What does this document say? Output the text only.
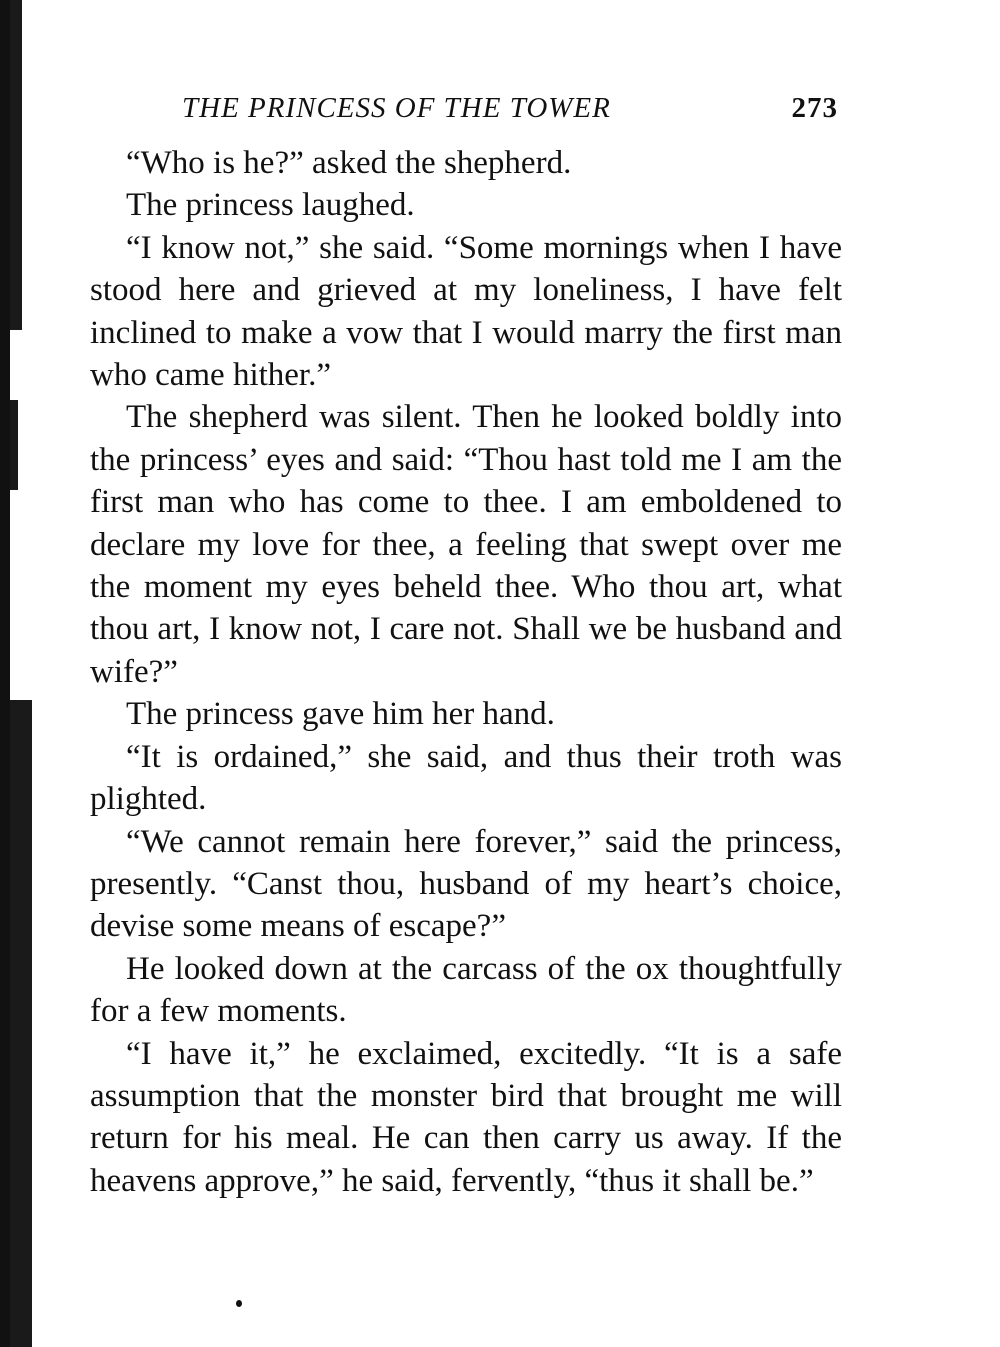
THE PRINCESS OF THE TOWER	273

“Who is he?” asked the shepherd.

The princess laughed.

“I know not,” she said. “Some mornings when I have stood here and grieved at my loneliness, I have felt inclined to make a vow that I would marry the first man who came hither.”

The shepherd was silent. Then he looked boldly into the princess’ eyes and said: “Thou hast told me I am the first man who has come to thee. I am emboldened to declare my love for thee, a feeling that swept over me the moment my eyes beheld thee. Who thou art, what thou art, I know not, I care not. Shall we be husband and wife?”

The princess gave him her hand.

“It is ordained,” she said, and thus their troth was plighted.

“We cannot remain here forever,” said the princess, presently. “Canst thou, husband of my heart’s choice, devise some means of escape?”

He looked down at the carcass of the ox thoughtfully for a few moments.

“I have it,” he exclaimed, excitedly. “It is a safe assumption that the monster bird that brought me will return for his meal. He can then carry us away. If the heavens approve,” he said, fervently, “thus it shall be.”
